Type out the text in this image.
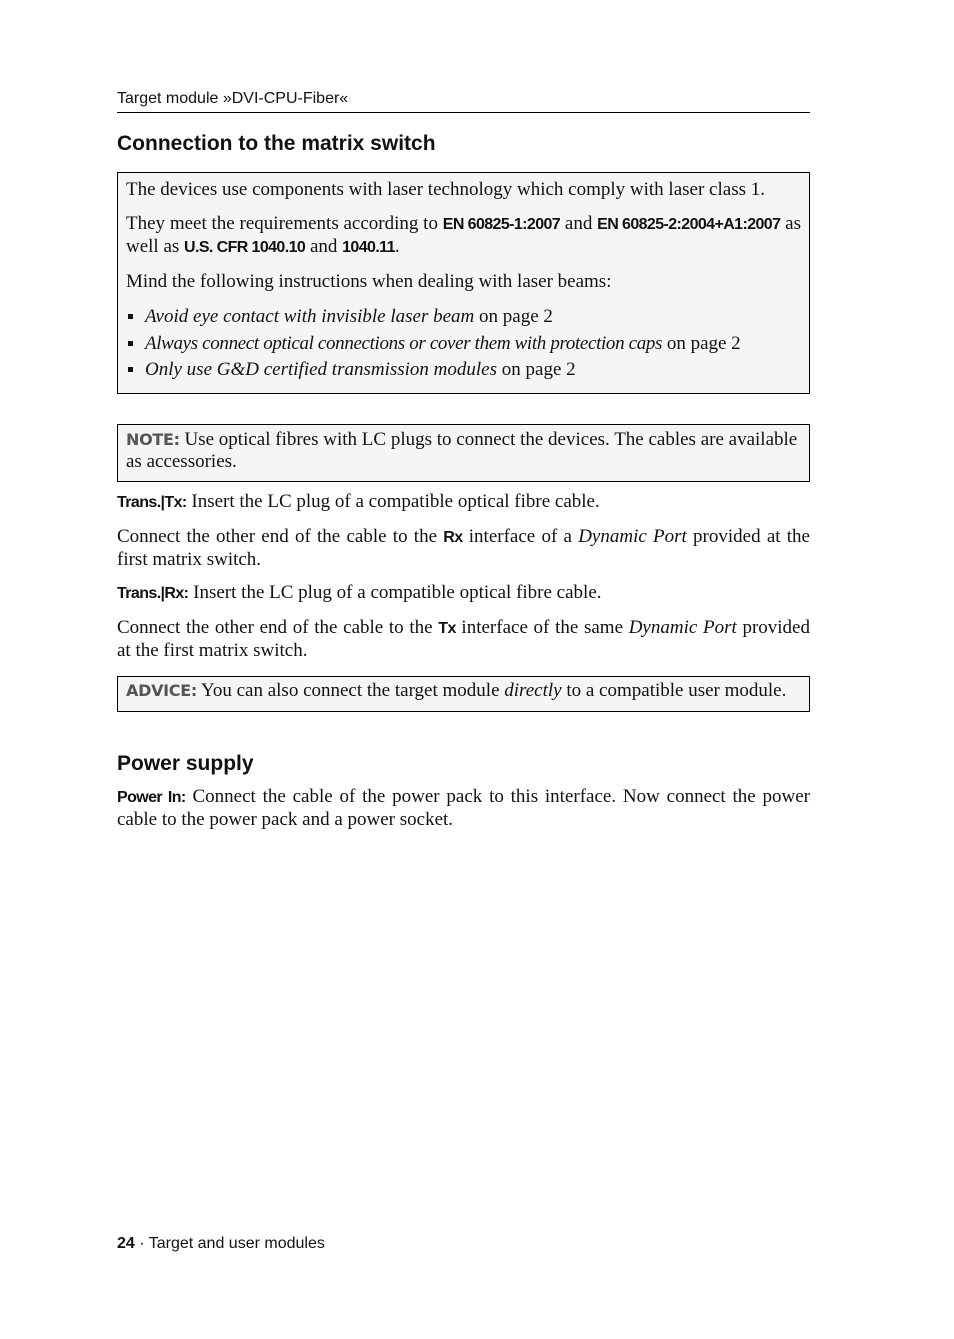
Target module »DVI-CPU-Fiber«
Connection to the matrix switch

The devices use components with laser technology which comply with laser class 1.

They meet the requirements according to EN 60825-1:2007 and EN 60825-2:2004+A1:2007 as well as U.S. CFR 1040.10 and 1040.11.

Mind the following instructions when dealing with laser beams:

Avoid eye contact with invisible laser beam on page 2
Always connect optical connections or cover them with protection caps on page 2
Only use G&D certified transmission modules on page 2

NOTE: Use optical fibres with LC plugs to connect the devices. The cables are available as accessories.

Trans.|Tx: Insert the LC plug of a compatible optical fibre cable.

Connect the other end of the cable to the Rx interface of a Dynamic Port provided at the first matrix switch.

Trans.|Rx: Insert the LC plug of a compatible optical fibre cable.

Connect the other end of the cable to the Tx interface of the same Dynamic Port provided at the first matrix switch.

ADVICE: You can also connect the target module directly to a compatible user module.

Power supply

Power In: Connect the cable of the power pack to this interface. Now connect the power cable to the power pack and a power socket.

24 · Target and user modules
